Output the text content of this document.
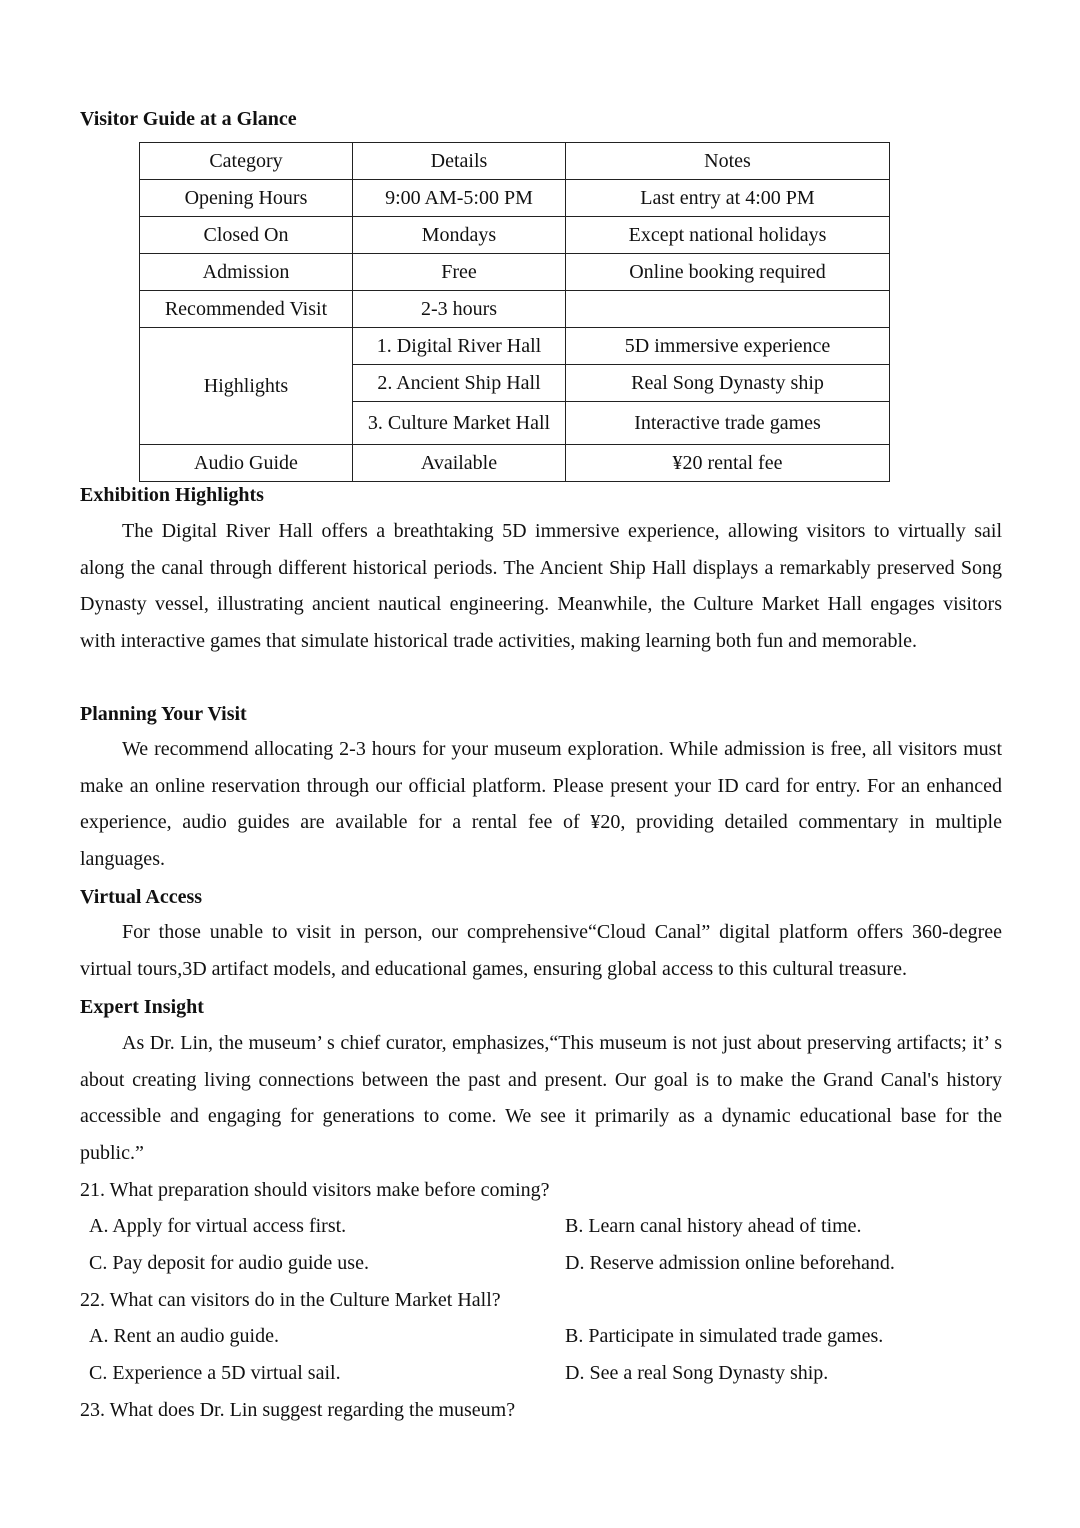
Visitor Guide at a Glance
Category	Details	Notes
Opening Hours	9:00 AM-5:00 PM	Last entry at 4:00 PM
Closed On	Mondays	Except national holidays
Admission	Free	Online booking required
Recommended Visit	2-3 hours	
Highlights	1. Digital River Hall	5D immersive experience
	2. Ancient Ship Hall	Real Song Dynasty ship
	3. Culture Market Hall	Interactive trade games
Audio Guide	Available	¥20 rental fee
Exhibition Highlights

The Digital River Hall offers a breathtaking 5D immersive experience, allowing visitors to virtually sail along the canal through different historical periods. The Ancient Ship Hall displays a remarkably preserved Song Dynasty vessel, illustrating ancient nautical engineering. Meanwhile, the Culture Market Hall engages visitors with interactive games that simulate historical trade activities, making learning both fun and memorable.

Planning Your Visit

We recommend allocating 2-3 hours for your museum exploration. While admission is free, all visitors must make an online reservation through our official platform. Please present your ID card for entry. For an enhanced experience, audio guides are available for a rental fee of ¥20, providing detailed commentary in multiple languages.

Virtual Access

For those unable to visit in person, our comprehensive“Cloud Canal” digital platform offers 360-degree virtual tours,3D artifact models, and educational games, ensuring global access to this cultural treasure.

Expert Insight

As Dr. Lin, the museum’ s chief curator, emphasizes,“This museum is not just about preserving artifacts; it’ s about creating living connections between the past and present. Our goal is to make the Grand Canal's history accessible and engaging for generations to come. We see it primarily as a dynamic educational base for the public.”

21. What preparation should visitors make before coming?

A. Apply for virtual access first.	B. Learn canal history ahead of time.

C. Pay deposit for audio guide use.	D. Reserve admission online beforehand.

22. What can visitors do in the Culture Market Hall?

A. Rent an audio guide.	B. Participate in simulated trade games.

C. Experience a 5D virtual sail.	D. See a real Song Dynasty ship.

23. What does Dr. Lin suggest regarding the museum?
